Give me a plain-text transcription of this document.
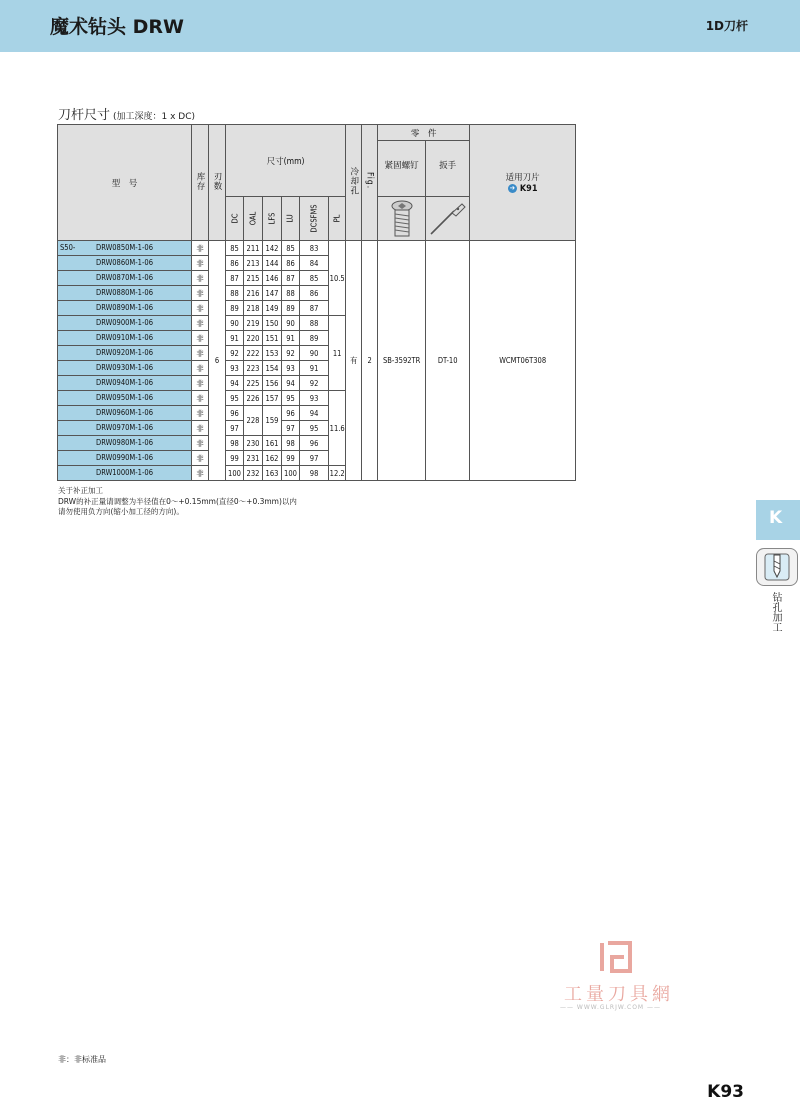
魔术钻头 DRW	1D刀杆
刀杆尺寸 (加工深度：1 x DC)
型　号	库存	刃数	尺寸(mm)						冷却孔	Fig.	零　件		适用刀片
➔ K91

											紧固螺钉	扳手	
			DC	OAL	LFS	LU	DCSFMS	PL	

S50- DRW0850M-1-06	非	6	85	211	142	85	83	10.5	有	2	SB-3592TR	DT-10	WCMT06T308

DRW0860M-1-06	非		86	213	144	86	84						

DRW0870M-1-06	非		87	215	146	87	85						

DRW0880M-1-06	非		88	216	147	88	86						

DRW0890M-1-06	非		89	218	149	89	87						

DRW0900M-1-06	非		90	219	150	90	88	11					

DRW0910M-1-06	非		91	220	151	91	89						

DRW0920M-1-06	非		92	222	153	92	90						

DRW0930M-1-06	非		93	223	154	93	91						

DRW0940M-1-06	非		94	225	156	94	92						

DRW0950M-1-06	非		95	226	157	95	93	11.6					

DRW0960M-1-06	非		96	228	159	96	94						

DRW0970M-1-06	非		97			97	95						

DRW0980M-1-06	非		98	230	161	98	96						

DRW0990M-1-06	非		99	231	162	99	97						

DRW1000M-1-06	非		100	232	163	100	98	12.2					
关于补正加工
DRW的补正量请调整为半径值在0～+0.15mm(直径0～+0.3mm)以内
请勿使用负方向(缩小加工径的方向)。	K
钻孔加工
工量刀具網
—— WWW.GLRJW.COM ——
非：非标准品
K93
